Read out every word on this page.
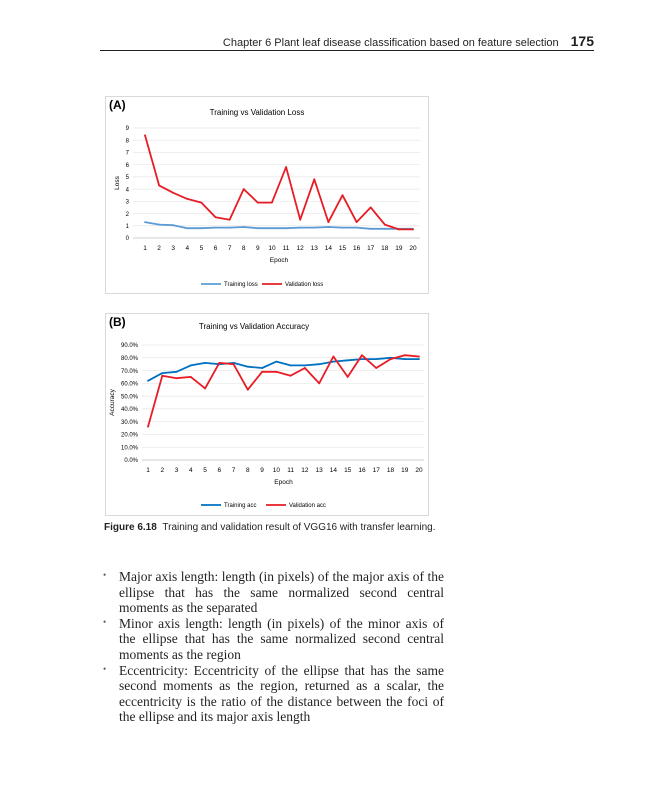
Chapter 6 Plant leaf disease classification based on feature selection 175
(A)
Training vs Validation Loss
0
1
2
3
4
5
6
7
8
9
1 2 3 4 5 6 7 8 9 10 11 12 13 14 15 16 17 18 19 20
Epoch
Loss
Training loss	Validation loss
(B)	Training vs Validation Accuracy
0.0%
10.0%
20.0%
30.0%
40.0%
50.0%
60.0%
70.0%
80.0%
90.0%
1 2 3 4 5 6 7 8 9 10 11 12 13 14 15 16 17 18 19 20
Epoch
Accuracy
Training acc	Validation acc
Figure 6.18 Training and validation result of VGG16 with transfer learning.
• Major axis length: length (in pixels) of the major axis of the ellipse that has the same normalized second central moments as the separated
• Minor axis length: length (in pixels) of the minor axis of the ellipse that has the same normalized second central moments as the region
• Eccentricity: Eccentricity of the ellipse that has the same second moments as the region, returned as a scalar, the eccentricity is the ratio of the distance between the foci of the ellipse and its major axis length
